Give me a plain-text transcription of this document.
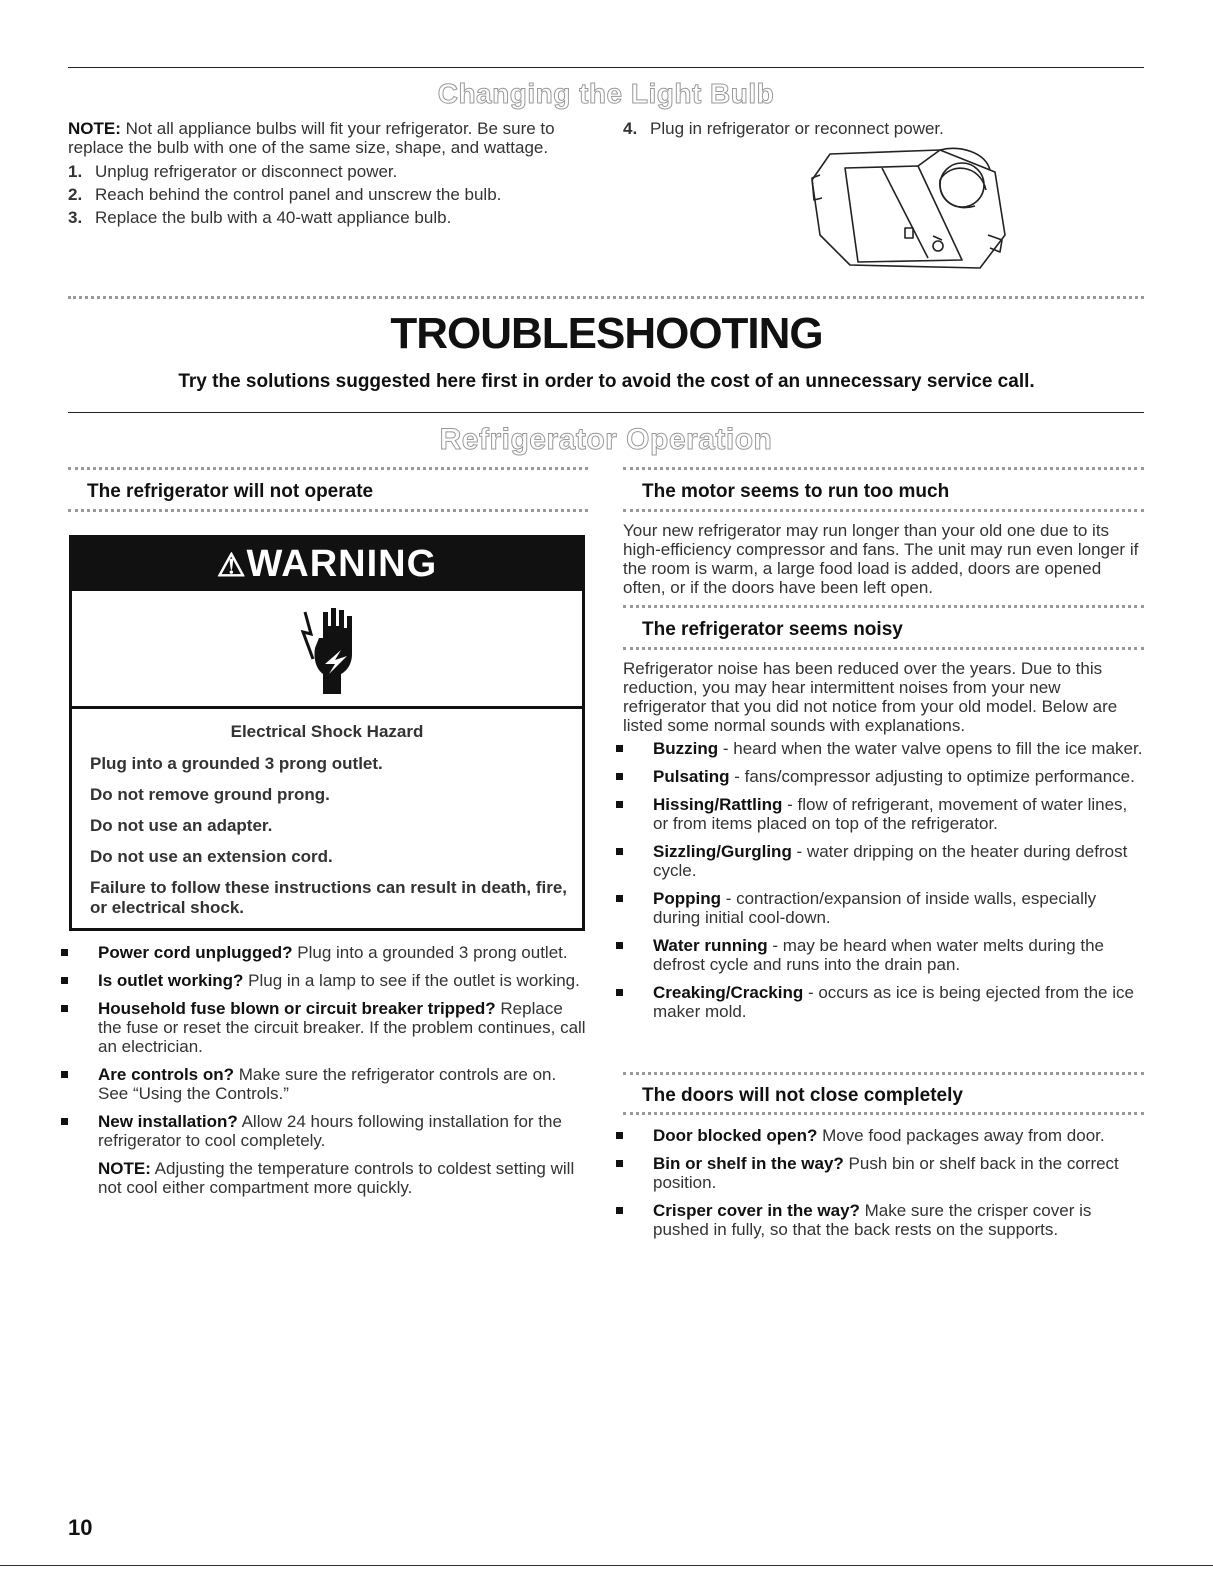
Changing the Light Bulb
NOTE: Not all appliance bulbs will fit your refrigerator. Be sure to replace the bulb with one of the same size, shape, and wattage.
1. Unplug refrigerator or disconnect power.
2. Reach behind the control panel and unscrew the bulb.
3. Replace the bulb with a 40-watt appliance bulb.
4. Plug in refrigerator or reconnect power.
TROUBLESHOOTING
Try the solutions suggested here first in order to avoid the cost of an unnecessary service call.
Refrigerator Operation
The refrigerator will not operate
⚠WARNING
Electrical Shock Hazard
Plug into a grounded 3 prong outlet.
Do not remove ground prong.
Do not use an adapter.
Do not use an extension cord.
Failure to follow these instructions can result in death, fire, or electrical shock.
Power cord unplugged? Plug into a grounded 3 prong outlet.
Is outlet working? Plug in a lamp to see if the outlet is working.
Household fuse blown or circuit breaker tripped? Replace the fuse or reset the circuit breaker. If the problem continues, call an electrician.
Are controls on? Make sure the refrigerator controls are on. See “Using the Controls.”
New installation? Allow 24 hours following installation for the refrigerator to cool completely.
NOTE: Adjusting the temperature controls to coldest setting will not cool either compartment more quickly.
The motor seems to run too much
Your new refrigerator may run longer than your old one due to its high-efficiency compressor and fans. The unit may run even longer if the room is warm, a large food load is added, doors are opened often, or if the doors have been left open.
The refrigerator seems noisy
Refrigerator noise has been reduced over the years. Due to this reduction, you may hear intermittent noises from your new refrigerator that you did not notice from your old model. Below are listed some normal sounds with explanations.
Buzzing - heard when the water valve opens to fill the ice maker.
Pulsating - fans/compressor adjusting to optimize performance.
Hissing/Rattling - flow of refrigerant, movement of water lines, or from items placed on top of the refrigerator.
Sizzling/Gurgling - water dripping on the heater during defrost cycle.
Popping - contraction/expansion of inside walls, especially during initial cool-down.
Water running - may be heard when water melts during the defrost cycle and runs into the drain pan.
Creaking/Cracking - occurs as ice is being ejected from the ice maker mold.
The doors will not close completely
Door blocked open? Move food packages away from door.
Bin or shelf in the way? Push bin or shelf back in the correct position.
Crisper cover in the way? Make sure the crisper cover is pushed in fully, so that the back rests on the supports.
10
